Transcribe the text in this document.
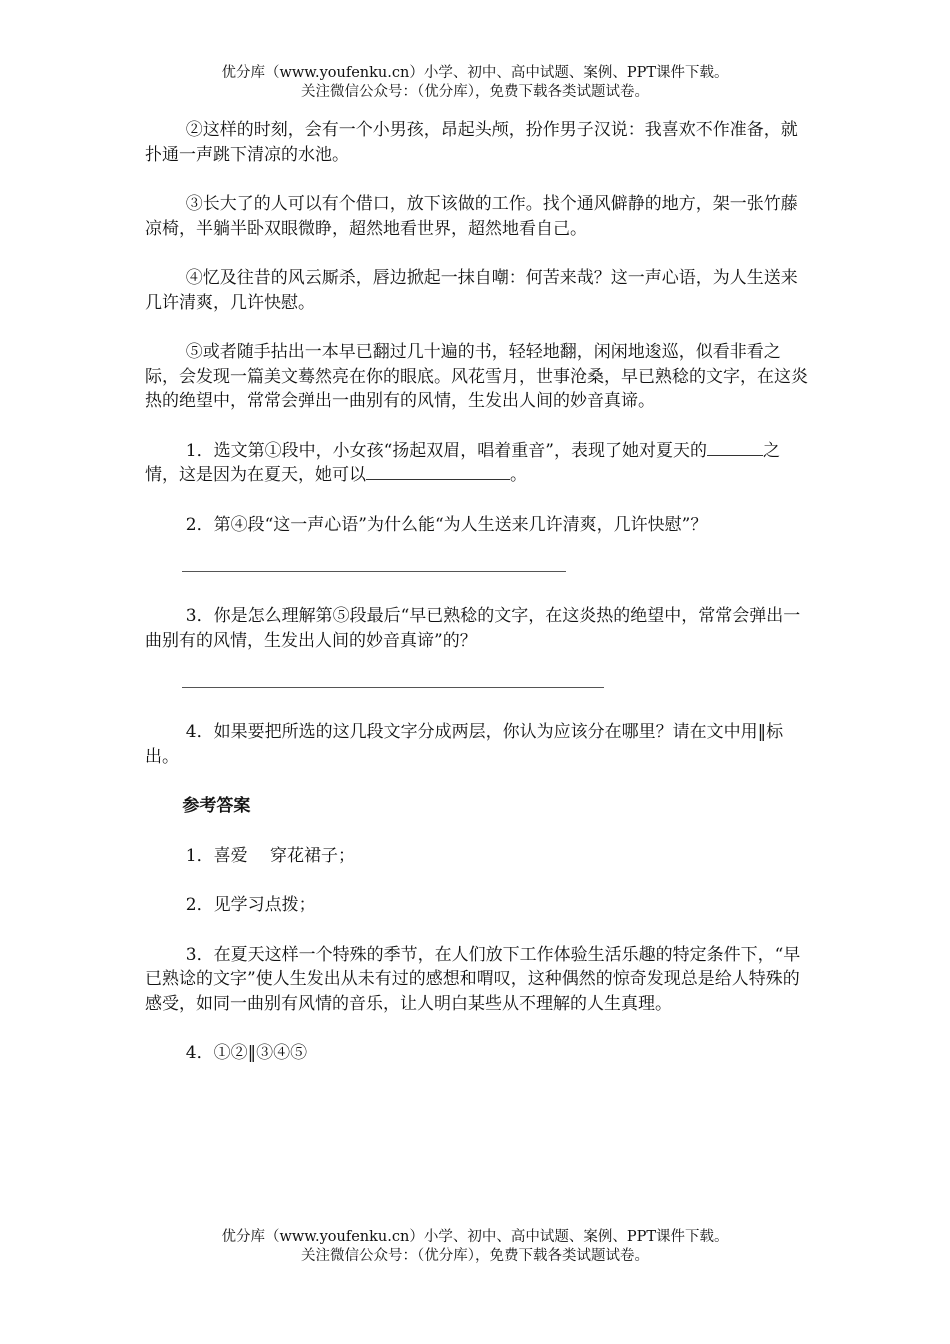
优分库（www.youfenku.cn）小学、初中、高中试题、案例、PPT课件下载。
关注微信公众号：（优分库），免费下载各类试题试卷。

②这样的时刻，会有一个小男孩，昂起头颅，扮作男子汉说：我喜欢不作准备，就扑通一声跳下清凉的水池。

③长大了的人可以有个借口，放下该做的工作。找个通风僻静的地方，架一张竹藤凉椅，半躺半卧双眼微睁，超然地看世界，超然地看自己。

④忆及往昔的风云厮杀，唇边掀起一抹自嘲：何苦来哉？这一声心语，为人生送来几许清爽，几许快慰。

⑤或者随手拈出一本早已翻过几十遍的书，轻轻地翻，闲闲地逡巡，似看非看之际，会发现一篇美文蓦然亮在你的眼底。风花雪月，世事沧桑，早已熟稔的文字，在这炎热的绝望中，常常会弹出一曲别有的风情，生发出人间的妙音真谛。

1．选文第①段中，小女孩“扬起双眉，唱着重音”，表现了她对夏天的	之情，这是因为在夏天，她可以	。

2．第④段“这一声心语”为什么能“为人生送来几许清爽，几许快慰”？

3．你是怎么理解第⑤段最后“早已熟稔的文字，在这炎热的绝望中，常常会弹出一曲别有的风情，生发出人间的妙音真谛”的？

4．如果要把所选的这几段文字分成两层，你认为应该分在哪里？请在文中用‖标出。

参考答案

1．喜爱　 穿花裙子；

2．见学习点拨；

3．在夏天这样一个特殊的季节，在人们放下工作体验生活乐趣的特定条件下，“早已熟谂的文字”使人生发出从未有过的感想和喟叹，这种偶然的惊奇发现总是给人特殊的感受，如同一曲别有风情的音乐，让人明白某些从不理解的人生真理。

4．①②‖③④⑤

优分库（www.youfenku.cn）小学、初中、高中试题、案例、PPT课件下载。
关注微信公众号：（优分库），免费下载各类试题试卷。
